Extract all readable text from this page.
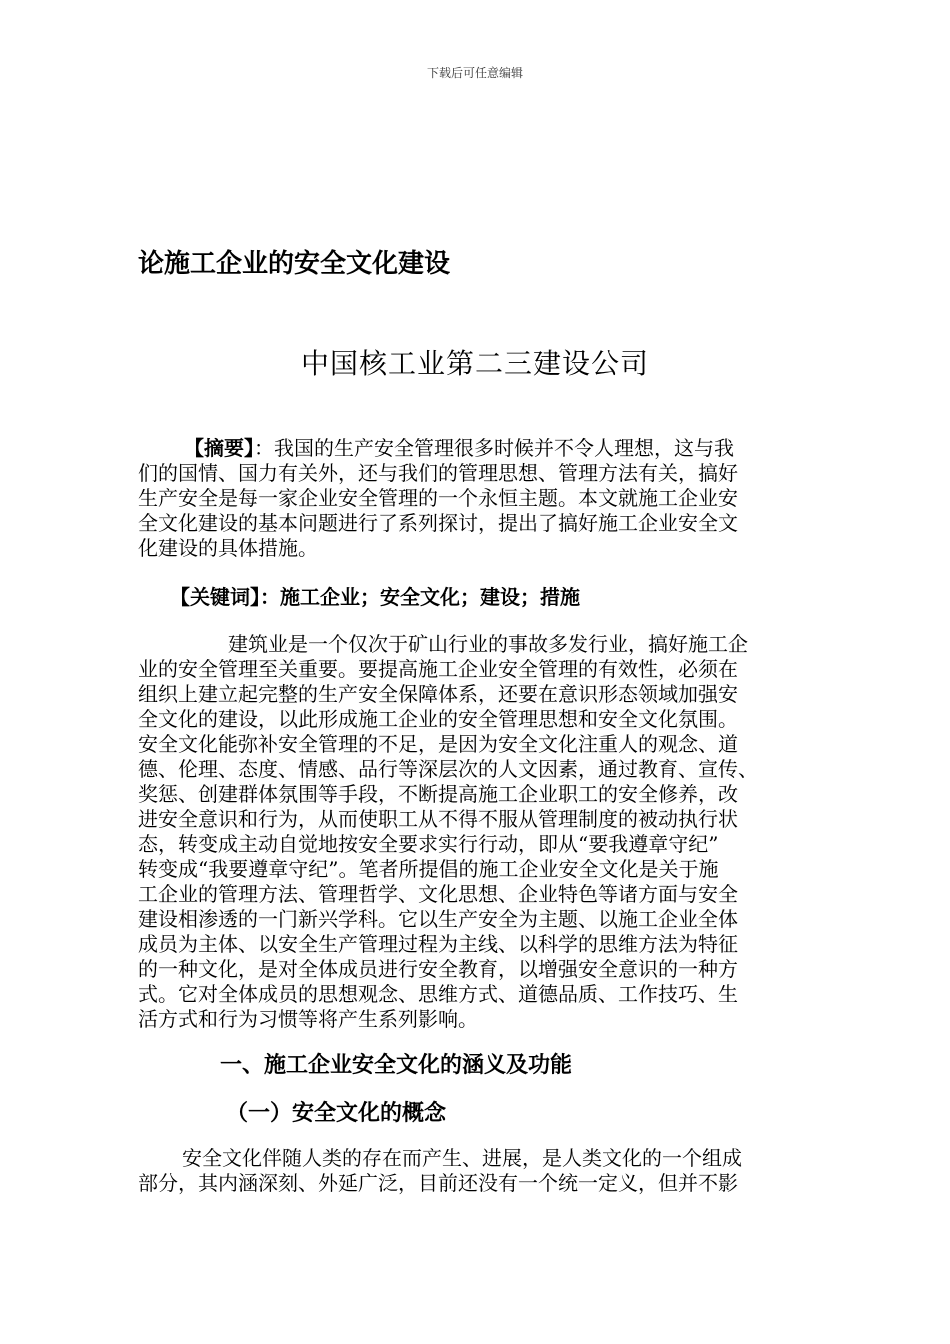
下载后可任意编辑
论施工企业的安全文化建设
中国核工业第二三建设公司
【摘要】：我国的生产安全管理很多时候并不令人理想，这与我
们的国情、国力有关外，还与我们的管理思想、管理方法有关，搞好
生产安全是每一家企业安全管理的一个永恒主题。本文就施工企业安
全文化建设的基本问题进行了系列探讨，提出了搞好施工企业安全文
化建设的具体措施。
【关键词】：施工企业；安全文化；建设；措施
建筑业是一个仅次于矿山行业的事故多发行业，搞好施工企
业的安全管理至关重要。要提高施工企业安全管理的有效性，必须在
组织上建立起完整的生产安全保障体系，还要在意识形态领域加强安
全文化的建设，以此形成施工企业的安全管理思想和安全文化氛围。
安全文化能弥补安全管理的不足，是因为安全文化注重人的观念、道
德、伦理、态度、情感、品行等深层次的人文因素，通过教育、宣传、
奖惩、创建群体氛围等手段，不断提高施工企业职工的安全修养，改
进安全意识和行为，从而使职工从不得不服从管理制度的被动执行状
态，转变成主动自觉地按安全要求实行行动，即从“要我遵章守纪”
转变成“我要遵章守纪”。笔者所提倡的施工企业安全文化是关于施
工企业的管理方法、管理哲学、文化思想、企业特色等诸方面与安全
建设相渗透的一门新兴学科。它以生产安全为主题、以施工企业全体
成员为主体、以安全生产管理过程为主线、以科学的思维方法为特征
的一种文化，是对全体成员进行安全教育，以增强安全意识的一种方
式。它对全体成员的思想观念、思维方式、道德品质、工作技巧、生
活方式和行为习惯等将产生系列影响。
一、施工企业安全文化的涵义及功能
（一）安全文化的概念
安全文化伴随人类的存在而产生、进展，是人类文化的一个组成
部分，其内涵深刻、外延广泛，目前还没有一个统一定义，但并不影
